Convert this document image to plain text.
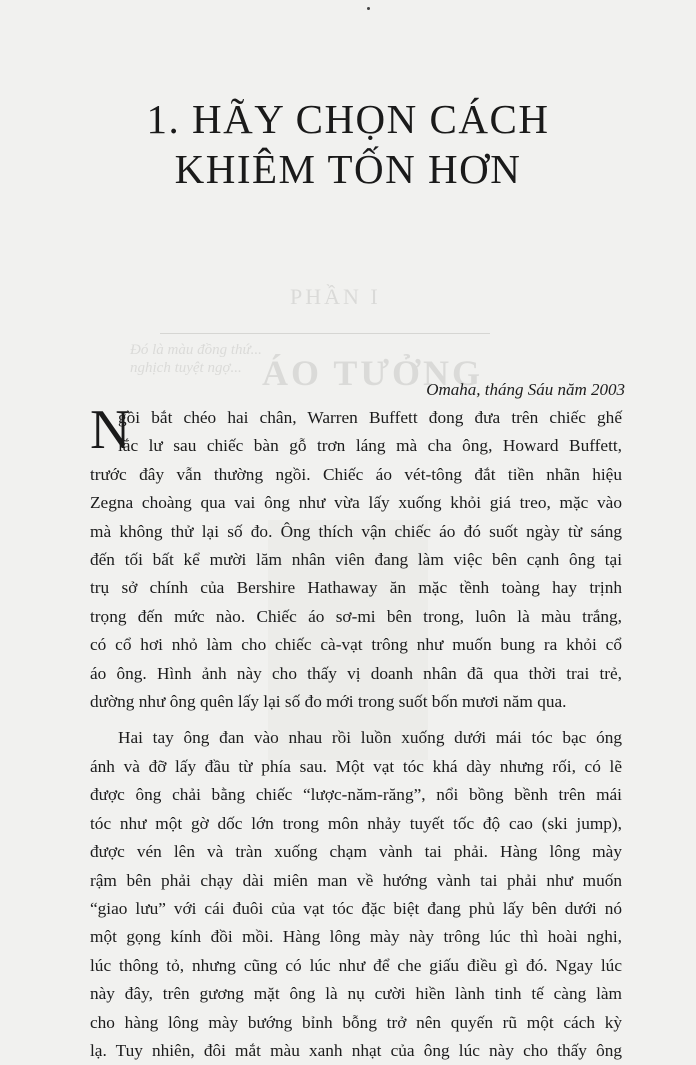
PHẦN I
Đó là màu đồng thứ...
nghịch tuyệt ngợ... ÁO TƯỞNG
1. HÃY CHỌN CÁCH
KHIÊM TỐN HƠN

Omaha, tháng Sáu năm 2003

N

gồi bắt chéo hai chân, Warren Buffett đong đưa trên chiếc ghế
lắc lư sau chiếc bàn gỗ trơn láng mà cha ông, Howard Buffett,
trước đây vẫn thường ngồi. Chiếc áo vét-tông đắt tiền nhãn hiệu
Zegna choàng qua vai ông như vừa lấy xuống khỏi giá treo, mặc vào
mà không thử lại số đo. Ông thích vận chiếc áo đó suốt ngày từ sáng
đến tối bất kể mười lăm nhân viên đang làm việc bên cạnh ông tại
trụ sở chính của Bershire Hathaway ăn mặc tềnh toàng hay trịnh
trọng đến mức nào. Chiếc áo sơ-mi bên trong, luôn là màu trắng,
có cổ hơi nhỏ làm cho chiếc cà-vạt trông như muốn bung ra khỏi cổ
áo ông. Hình ảnh này cho thấy vị doanh nhân đã qua thời trai trẻ,
dường như ông quên lấy lại số đo mới trong suốt bốn mươi năm qua.

Hai tay ông đan vào nhau rồi luồn xuống dưới mái tóc bạc óng
ánh và đỡ lấy đầu từ phía sau. Một vạt tóc khá dày nhưng rối, có lẽ
được ông chải bằng chiếc “lược-năm-răng”, nổi bồng bềnh trên mái
tóc như một gờ dốc lớn trong môn nhảy tuyết tốc độ cao (ski jump),
được vén lên và tràn xuống chạm vành tai phải. Hàng lông mày
rậm bên phải chạy dài miên man về hướng vành tai phải như muốn
“giao lưu” với cái đuôi của vạt tóc đặc biệt đang phủ lấy bên dưới nó
một gọng kính đồi mồi. Hàng lông mày này trông lúc thì hoài nghi,
lúc thông tỏ, nhưng cũng có lúc như để che giấu điều gì đó. Ngay lúc
này đây, trên gương mặt ông là nụ cười hiền lành tinh tế càng làm
cho hàng lông mày bướng bỉnh bỗng trở nên quyến rũ một cách kỳ
lạ. Tuy nhiên, đôi mắt màu xanh nhạt của ông lúc này cho thấy ông
